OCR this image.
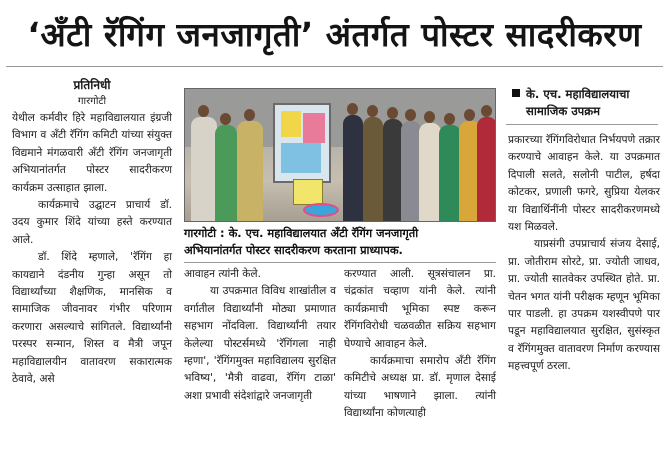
‘अँटी रॅगिंग जनजागृती’ अंतर्गत पोस्टर सादरीकरण
प्रतिनिधी
गारगोटी

येथील कर्मवीर हिरे महाविद्यालयात इंग्रजी विभाग व अँटी रॅगिंग कमिटी यांच्या संयुक्त विद्यमाने मंगळवारी अँटी रॅगिंग जनजागृती अभियानांतर्गत पोस्टर सादरीकरण कार्यक्रम उत्साहात झाला.

कार्यक्रमाचे उद्घाटन प्राचार्य डॉ. उदय कुमार शिंदे यांच्या हस्ते करण्यात आले.

डॉ. शिंदे म्हणाले, 'रॅगिंग हा कायद्याने दंडनीय गुन्हा असून तो विद्यार्थ्यांच्या शैक्षणिक, मानसिक व सामाजिक जीवनावर गंभीर परिणाम करणारा असल्याचे सांगितले. विद्यार्थ्यांनी परस्पर सन्मान, शिस्त व मैत्री जपून महाविद्यालयीन वातावरण सकारात्मक ठेवावे, असे

गारगोटी : के. एच. महाविद्यालयात अँटी रॅगिंग जनजागृती
अभियानांतर्गत पोस्टर सादरीकरण करताना प्राध्यापक.

आवाहन त्यांनी केले.

या उपक्रमात विविध शाखांतील व वर्गातील विद्यार्थ्यांनी मोठ्या प्रमाणात सहभाग नोंदविला. विद्यार्थ्यांनी तयार केलेल्या पोस्टर्समध्ये 'रॅगिंगला नाही म्हणा', 'रॅगिंगमुक्त महाविद्यालय सुरक्षित भविष्य', 'मैत्री वाढवा, रॅगिंग टाळा' अशा प्रभावी संदेशांद्वारे जनजागृती

करण्यात आली. सूत्रसंचालन प्रा. चंद्रकांत चव्हाण यांनी केले. त्यांनी कार्यक्रमाची भूमिका स्पष्ट करून रॅगिंगविरोधी चळवळीत सक्रिय सहभाग घेण्याचे आवाहन केले.

कार्यक्रमाचा समारोप अँटी रॅगिंग कमिटीचे अध्यक्ष प्रा. डॉ. मृणाल देसाई यांच्या भाषणाने झाला. त्यांनी विद्यार्थ्यांना कोणत्याही

के. एच. महाविद्यालयाचा
सामाजिक उपक्रम

प्रकारच्या रॅगिंगविरोधात निर्भयपणे तक्रार करण्याचे आवाहन केले. या उपक्रमात दिपाली सलते, सलोनी पाटील, हर्षदा कोटकर, प्रणाली फगरे, सुप्रिया येलकर या विद्यार्थिनींनी पोस्टर सादरीकरणमध्ये यश मिळवले.

याप्रसंगी उपप्राचार्य संजय देसाई, प्रा. जोतीराम सोरटे, प्रा. ज्योती जाधव, प्रा. ज्योती सातवेकर उपस्थित होते. प्रा. चेतन भगत यांनी परीक्षक म्हणून भूमिका पार पाडली. हा उपक्रम यशस्वीपणे पार पडून महाविद्यालयात सुरक्षित, सुसंस्कृत व रॅगिंगमुक्त वातावरण निर्माण करण्यास महत्त्वपूर्ण ठरला.
